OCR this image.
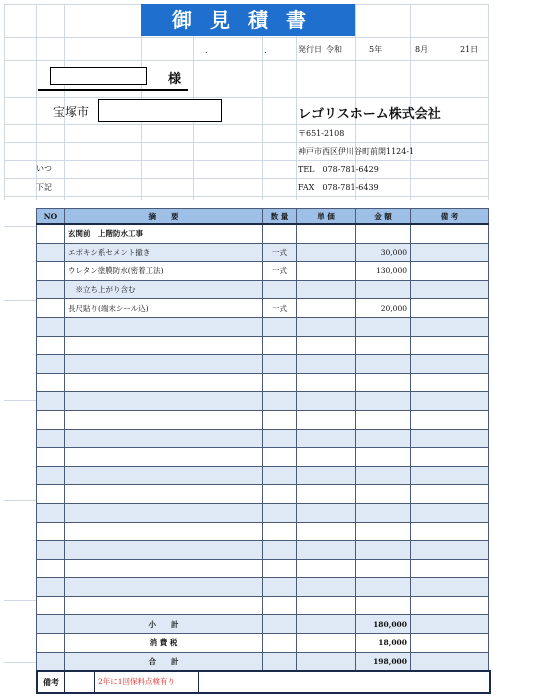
御見積書
.	.	発行日 令和	5年	8月	21日
様
宝塚市	レゴリスホーム株式会社
〒651-2108
神戸市西区伊川谷町前開1124-1
TEL　078-781-6429
FAX　078-781-6439
いつ
下記
NO	摘　　要	数 量	単 価	金 額	備 考
	玄関前　上階防水工事				
	エポキシ系セメント撤き	一式		30,000	
	ウレタン塗膜防水(密着工法)	一式		130,000	
	　※立ち上がり含む				
	長尺貼り(端末シール込)	一式		20,000	

	小　　計			180,000	
	消 費 税			18,000	
	合　　計			198,000	
備考	2年に1回保料点検有り
